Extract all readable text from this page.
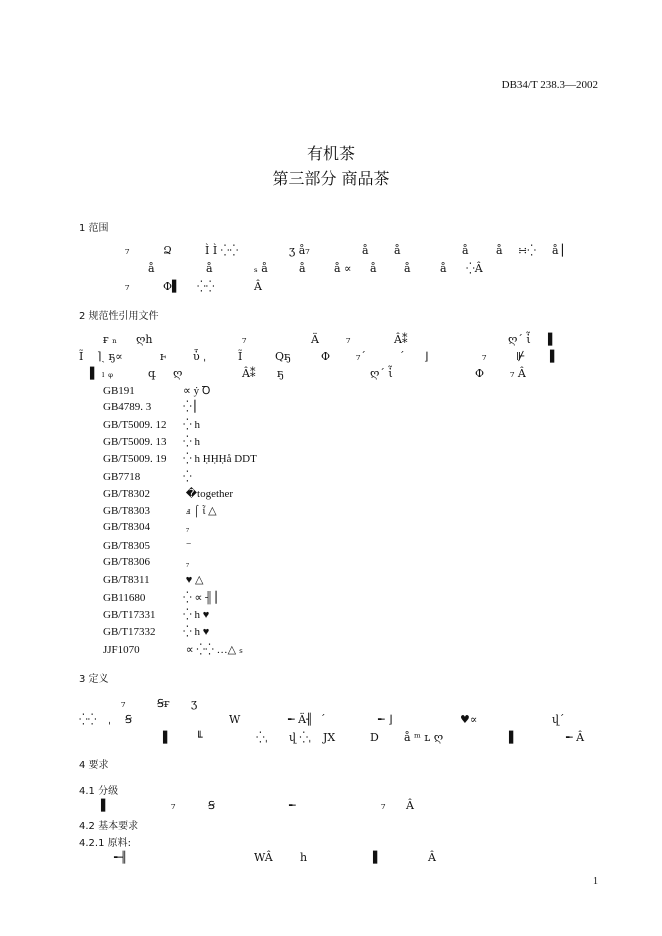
DB34/T 238.3—2002
有机茶
第三部分 商品茶
1 范围
₇	Ձ	Ì Ì ⁛⁛	ʒ å₇	å å	å å ∺⁛ å ▏
å	å	ₛ å	å	å ∝ å å	å ⁛Â
₇	Φ▌ ⁛⁛	Â
2 规范性引用文件
ғ ₙ ღh	₇	Ä ₇	Â⁑	ღˊ ἶ ▌
Ĩ ⌉ˏ ҕ∝	ⱶ ὖ ˌ	Ĩ	Qҕ	Φ ₇ˊ	ˊ ⌋	₇	⊮ ▌
▌ ₗ ᵩ	գ ღ	Â⁑ ҕ	ღˊ ἶ	Φ ₇ Â
GB191	∝ ẏ Ꝺ
GB4789. 3	⁛ ▏
GB/T5009. 12 ⁛ h
GB/T5009. 13 ⁛ h
GB/T5009. 19 ⁛ h ḤḤḤå DDT
GB7718	⁛
GB/T8302	�together
GB/T8303	ⅎ ⌠ ἶ △
GB/T8304	₇
GB/T8305	⁻
GB/T8306	₇
GB/T8311	♥ △
GB11680	⁛ ∝ ╢ ▏
GB/T17331 ⁛ h ♥
GB/T17332 ⁛ h ♥
JJF1070	∝ ⁛⁛ …△ ₛ
3 定义
₇	Ꞩғ ʒ
⁛⁛ ˌ Ꞩ	W	╾ Ä╢ ˊ	╾ ⌋	♥∝	վˊ
▌ ╙	⁛ˌ վ ⁛ˌ JX	D å ᵐ ʟ ღ	▌	╾ Â
4 要求
4.1 分级
▌	₇	Ꞩ	╾	₇ Â
4.2 基本要求
4.2.1 原料:
╾╢	WÂ h	▌	Â
1
